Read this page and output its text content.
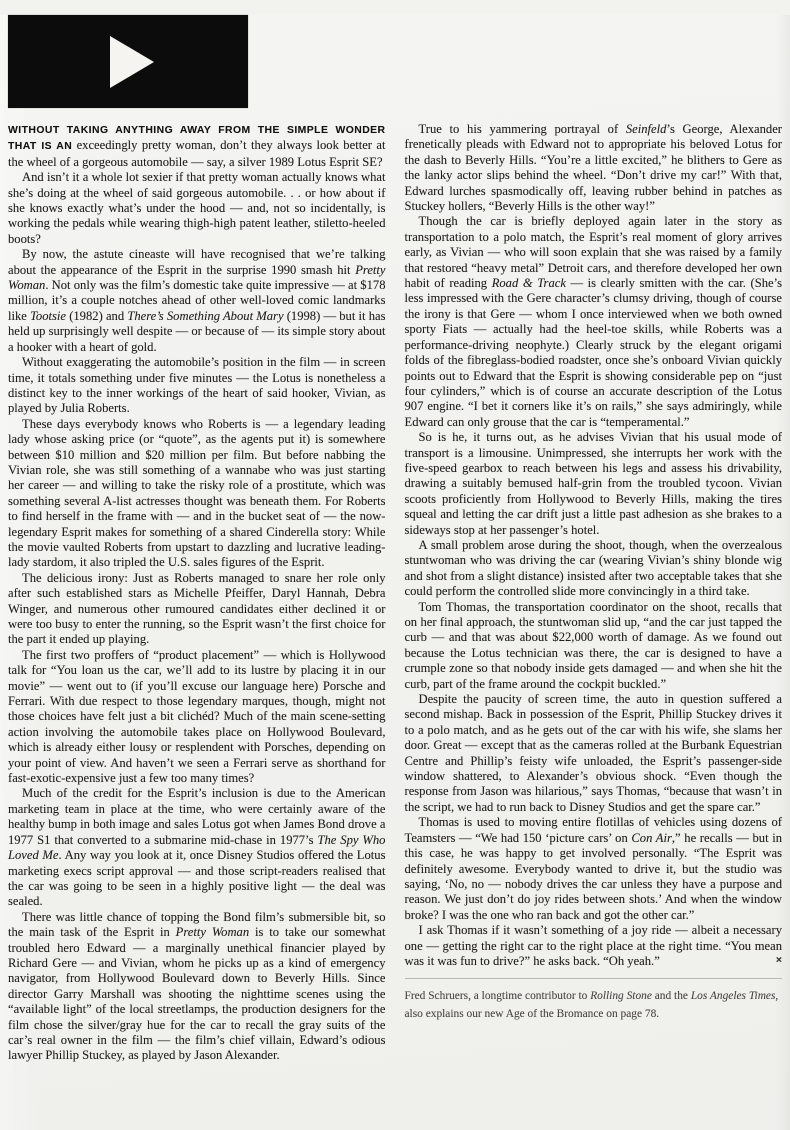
WITHOUT TAKING ANYTHING AWAY FROM THE SIMPLE WONDER THAT IS AN exceedingly pretty woman, don’t they always look better at the wheel of a gorgeous automobile — say, a silver 1989 Lotus Esprit SE?

And isn’t it a whole lot sexier if that pretty woman actually knows what she’s doing at the wheel of said gorgeous automobile. . . or how about if she knows exactly what’s under the hood — and, not so incidentally, is working the pedals while wearing thigh-high patent leather, stiletto-heeled boots?

By now, the astute cineaste will have recognised that we’re talking about the appearance of the Esprit in the surprise 1990 smash hit Pretty Woman. Not only was the film’s domestic take quite impressive — at $178 million, it’s a couple notches ahead of other well-loved comic landmarks like Tootsie (1982) and There’s Something About Mary (1998) — but it has held up surprisingly well despite — or because of — its simple story about a hooker with a heart of gold.

Without exaggerating the automobile’s position in the film — in screen time, it totals something under five minutes — the Lotus is nonetheless a distinct key to the inner workings of the heart of said hooker, Vivian, as played by Julia Roberts.

These days everybody knows who Roberts is — a legendary leading lady whose asking price (or “quote”, as the agents put it) is somewhere between $10 million and $20 million per film. But before nabbing the Vivian role, she was still something of a wannabe who was just starting her career — and willing to take the risky role of a prostitute, which was something several A-list actresses thought was beneath them. For Roberts to find herself in the frame with — and in the bucket seat of — the now-legendary Esprit makes for something of a shared Cinderella story: While the movie vaulted Roberts from upstart to dazzling and lucrative leading-lady stardom, it also tripled the U.S. sales figures of the Esprit.

The delicious irony: Just as Roberts managed to snare her role only after such established stars as Michelle Pfeiffer, Daryl Hannah, Debra Winger, and numerous other rumoured candidates either declined it or were too busy to enter the running, so the Esprit wasn’t the first choice for the part it ended up playing.

The first two proffers of “product placement” — which is Hollywood talk for “You loan us the car, we’ll add to its lustre by placing it in our movie” — went out to (if you’ll excuse our language here) Porsche and Ferrari. With due respect to those legendary marques, though, might not those choices have felt just a bit clichéd? Much of the main scene-setting action involving the automobile takes place on Hollywood Boulevard, which is already either lousy or resplendent with Porsches, depending on your point of view. And haven’t we seen a Ferrari serve as shorthand for fast-exotic-expensive just a few too many times?

Much of the credit for the Esprit’s inclusion is due to the American marketing team in place at the time, who were certainly aware of the healthy bump in both image and sales Lotus got when James Bond drove a 1977 S1 that converted to a submarine mid-chase in 1977’s The Spy Who Loved Me. Any way you look at it, once Disney Studios offered the Lotus marketing execs script approval — and those script-readers realised that the car was going to be seen in a highly positive light — the deal was sealed.

There was little chance of topping the Bond film’s submersible bit, so the main task of the Esprit in Pretty Woman is to take our somewhat troubled hero Edward — a marginally unethical financier played by Richard Gere — and Vivian, whom he picks up as a kind of emergency navigator, from Hollywood Boulevard down to Beverly Hills. Since director Garry Marshall was shooting the nighttime scenes using the “available light” of the local streetlamps, the production designers for the film chose the silver/gray hue for the car to recall the gray suits of the car’s real owner in the film — the film’s chief villain, Edward’s odious lawyer Phillip Stuckey, as played by Jason Alexander.

True to his yammering portrayal of Seinfeld’s George, Alexander frenetically pleads with Edward not to appropriate his beloved Lotus for the dash to Beverly Hills. “You’re a little excited,” he blithers to Gere as the lanky actor slips behind the wheel. “Don’t drive my car!” With that, Edward lurches spasmodically off, leaving rubber behind in patches as Stuckey hollers, “Beverly Hills is the other way!”

Though the car is briefly deployed again later in the story as transportation to a polo match, the Esprit’s real moment of glory arrives early, as Vivian — who will soon explain that she was raised by a family that restored “heavy metal” Detroit cars, and therefore developed her own habit of reading Road & Track — is clearly smitten with the car. (She’s less impressed with the Gere character’s clumsy driving, though of course the irony is that Gere — whom I once interviewed when we both owned sporty Fiats — actually had the heel-toe skills, while Roberts was a performance-driving neophyte.) Clearly struck by the elegant origami folds of the fibreglass-bodied roadster, once she’s onboard Vivian quickly points out to Edward that the Esprit is showing considerable pep on “just four cylinders,” which is of course an accurate description of the Lotus 907 engine. “I bet it corners like it’s on rails,” she says admiringly, while Edward can only grouse that the car is “temperamental.”

So is he, it turns out, as he advises Vivian that his usual mode of transport is a limousine. Unimpressed, she interrupts her work with the five-speed gearbox to reach between his legs and assess his drivability, drawing a suitably bemused half-grin from the troubled tycoon. Vivian scoots proficiently from Hollywood to Beverly Hills, making the tires squeal and letting the car drift just a little past adhesion as she brakes to a sideways stop at her passenger’s hotel.

A small problem arose during the shoot, though, when the overzealous stuntwoman who was driving the car (wearing Vivian’s shiny blonde wig and shot from a slight distance) insisted after two acceptable takes that she could perform the controlled slide more convincingly in a third take.

Tom Thomas, the transportation coordinator on the shoot, recalls that on her final approach, the stuntwoman slid up, “and the car just tapped the curb — and that was about $22,000 worth of damage. As we found out because the Lotus technician was there, the car is designed to have a crumple zone so that nobody inside gets damaged — and when she hit the curb, part of the frame around the cockpit buckled.”

Despite the paucity of screen time, the auto in question suffered a second mishap. Back in possession of the Esprit, Phillip Stuckey drives it to a polo match, and as he gets out of the car with his wife, she slams her door. Great — except that as the cameras rolled at the Burbank Equestrian Centre and Phillip’s feisty wife unloaded, the Esprit’s passenger-side window shattered, to Alexander’s obvious shock. “Even though the response from Jason was hilarious,” says Thomas, “because that wasn’t in the script, we had to run back to Disney Studios and get the spare car.”

Thomas is used to moving entire flotillas of vehicles using dozens of Teamsters — “We had 150 ‘picture cars’ on Con Air,” he recalls — but in this case, he was happy to get involved personally. “The Esprit was definitely awesome. Everybody wanted to drive it, but the studio was saying, ‘No, no — nobody drives the car unless they have a purpose and reason. We just don’t do joy rides between shots.’ And when the window broke? I was the one who ran back and got the other car.”

I ask Thomas if it wasn’t something of a joy ride — albeit a necessary one — getting the right car to the right place at the right time. “You mean was it was fun to drive?” he asks back. “Oh yeah.”	×

Fred Schruers, a longtime contributor to Rolling Stone and the Los Angeles Times, also explains our new Age of the Bromance on page 78.
